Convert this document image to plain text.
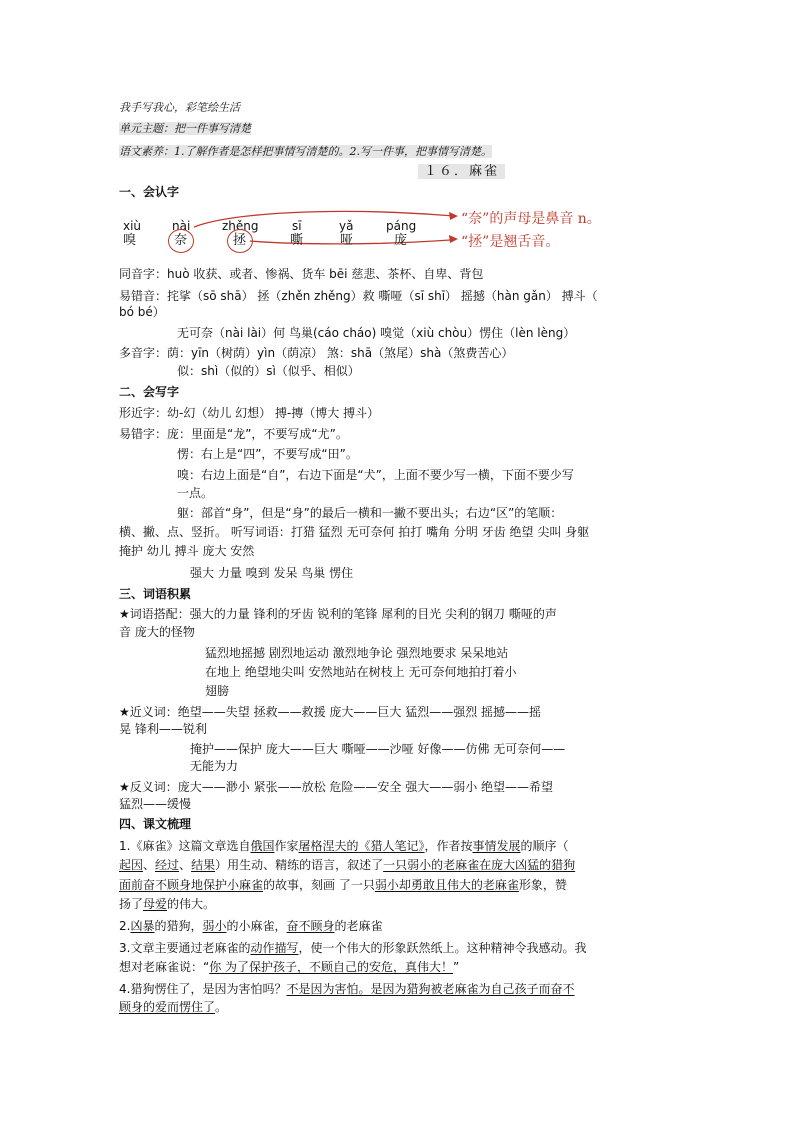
我手写我心，彩笔绘生活
单元主题：把一件事写清楚
语文素养：1.了解作者是怎样把事情写清楚的。2.写一件事，把事情写清楚。
１６．麻雀
一、会认字
xiù	nài	zhěng	sī	yǎ	páng
嗅	奈	拯	嘶	哑	庞
“奈”的声母是鼻音 n。
“拯”是翘舌音。
同音字：huò 收获、或者、惨祸、货车 bēi 慈悲、茶杯、自卑、背包
易错音：挓挲（sō shā） 拯（zhěn zhěng）救 嘶哑（sī shī） 摇撼（hàn gǎn） 搏斗（
bó bé）
无可奈（nài lài）何 鸟巢(cáo cháo) 嗅觉（xiù chòu）愣住（lèn lèng）
多音字：荫：yīn（树荫）yìn（荫凉） 煞：shā（煞尾）shà（煞费苦心）
似：shì（似的）sì（似乎、相似）
二、会写字
形近字：幼-幻（幼儿 幻想） 搏-摶（博大 搏斗）
易错字：庞：里面是“龙”，不要写成“尤”。
愣：右上是“四”，不要写成“田”。
嗅：右边上面是“自”，右边下面是“犬”，上面不要少写一横，下面不要少写
一点。
躯：部首“身”，但是“身”的最后一横和一撇不要出头；右边“区”的笔顺：
横、撇、点、竖折。 听写词语：打猎 猛烈 无可奈何 拍打 嘴角 分明 牙齿 绝望 尖叫 身躯
掩护 幼儿 搏斗 庞大 安然
强大 力量 嗅到 发呆 鸟巢 愣住
三、词语积累
★词语搭配：强大的力量 锋利的牙齿 锐利的笔锋 犀利的目光 尖利的钢刀 嘶哑的声
音 庞大的怪物
猛烈地摇撼 剧烈地运动 激烈地争论 强烈地要求 呆呆地站
在地上 绝望地尖叫 安然地站在树枝上 无可奈何地拍打着小
翅膀
★近义词：绝望——失望 拯救——救援 庞大——巨大 猛烈——强烈 摇撼——摇
晃 锋利——锐利
掩护——保护 庞大——巨大 嘶哑——沙哑 好像——仿佛 无可奈何——
无能为力
★反义词：庞大——渺小 紧张——放松 危险——安全 强大——弱小 绝望——希望
猛烈——缓慢
四、课文梳理
1.《麻雀》这篇文章选自俄国作家屠格涅夫的《猎人笔记》，作者按事情发展的顺序（
起因、经过、结果）用生动、精练的语言，叙述了一只弱小的老麻雀在庞大凶猛的猎狗
面前奋不顾身地保护小麻雀的故事，刻画 了一只弱小却勇敢且伟大的老麻雀形象，赞
扬了母爱的伟大。
2.凶暴的猎狗，弱小的小麻雀，奋不顾身的老麻雀
3.文章主要通过老麻雀的动作描写，使一个伟大的形象跃然纸上。这种精神令我感动。我
想对老麻雀说：“你 为了保护孩子，不顾自己的安危，真伟大！”
4.猎狗愣住了，是因为害怕吗？不是因为害怕。是因为猎狗被老麻雀为自己孩子而奋不
顾身的爱而愣住了。
